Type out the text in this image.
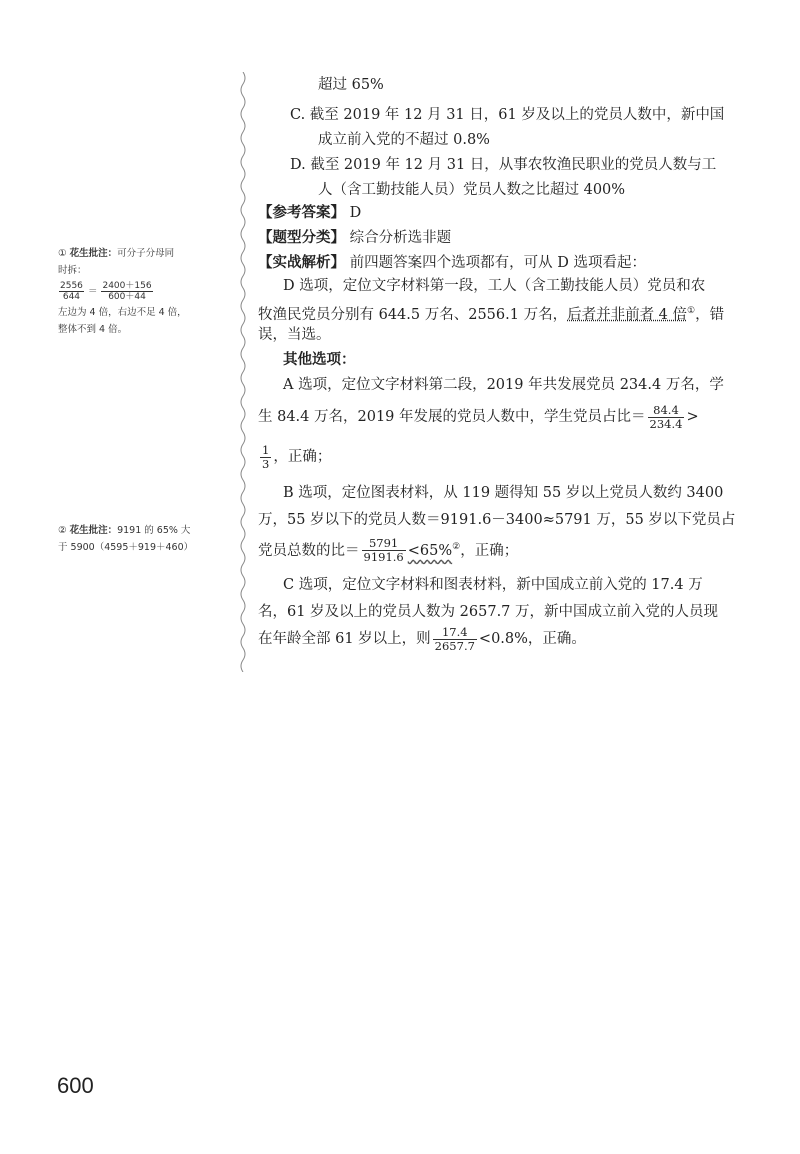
① 花生批注：可分子分母同
时拆：
$\frac{2556}{644} = \frac{2400+156}{600+44}$
左边为 4 倍，右边不足 4 倍，
整体不到 4 倍。
② 花生批注：9191 的 65% 大
于 5900（4595＋919＋460）
超过 65%
C. 截至 2019 年 12 月 31 日，61 岁及以上的党员人数中，新中国
成立前入党的不超过 0.8%
D. 截至 2019 年 12 月 31 日，从事农牧渔民职业的党员人数与工
人（含工勤技能人员）党员人数之比超过 400%
【参考答案】 D
【题型分类】 综合分析选非题
【实战解析】 前四题答案四个选项都有，可从 D 选项看起：
D 选项，定位文字材料第一段，工人（含工勤技能人员）党员和农
牧渔民党员分别有 644.5 万名、2556.1 万名，后者并非前者 4 倍①，错
误，当选。
其他选项：
A 选项，定位文字材料第二段，2019 年共发展党员 234.4 万名，学
生 84.4 万名，2019 年发展的党员人数中，学生党员占比＝ $\frac{84.4}{234.4}$ >
$\frac{1}{3}$ ，正确；
B 选项，定位图表材料，从 119 题得知 55 岁以上党员人数约 3400
万，55 岁以下的党员人数＝9191.6－3400≈5791 万，55 岁以下党员占
党员总数的比＝ $\frac{5791}{9191.6} <65\%^②$，正确；
C 选项，定位文字材料和图表材料，新中国成立前入党的 17.4 万
名，61 岁及以上的党员人数为 2657.7 万，新中国成立前入党的人员现
在年龄全部 61 岁以上，则 $\frac{17.4}{2657.7} <0.8\%$，正确。
600
